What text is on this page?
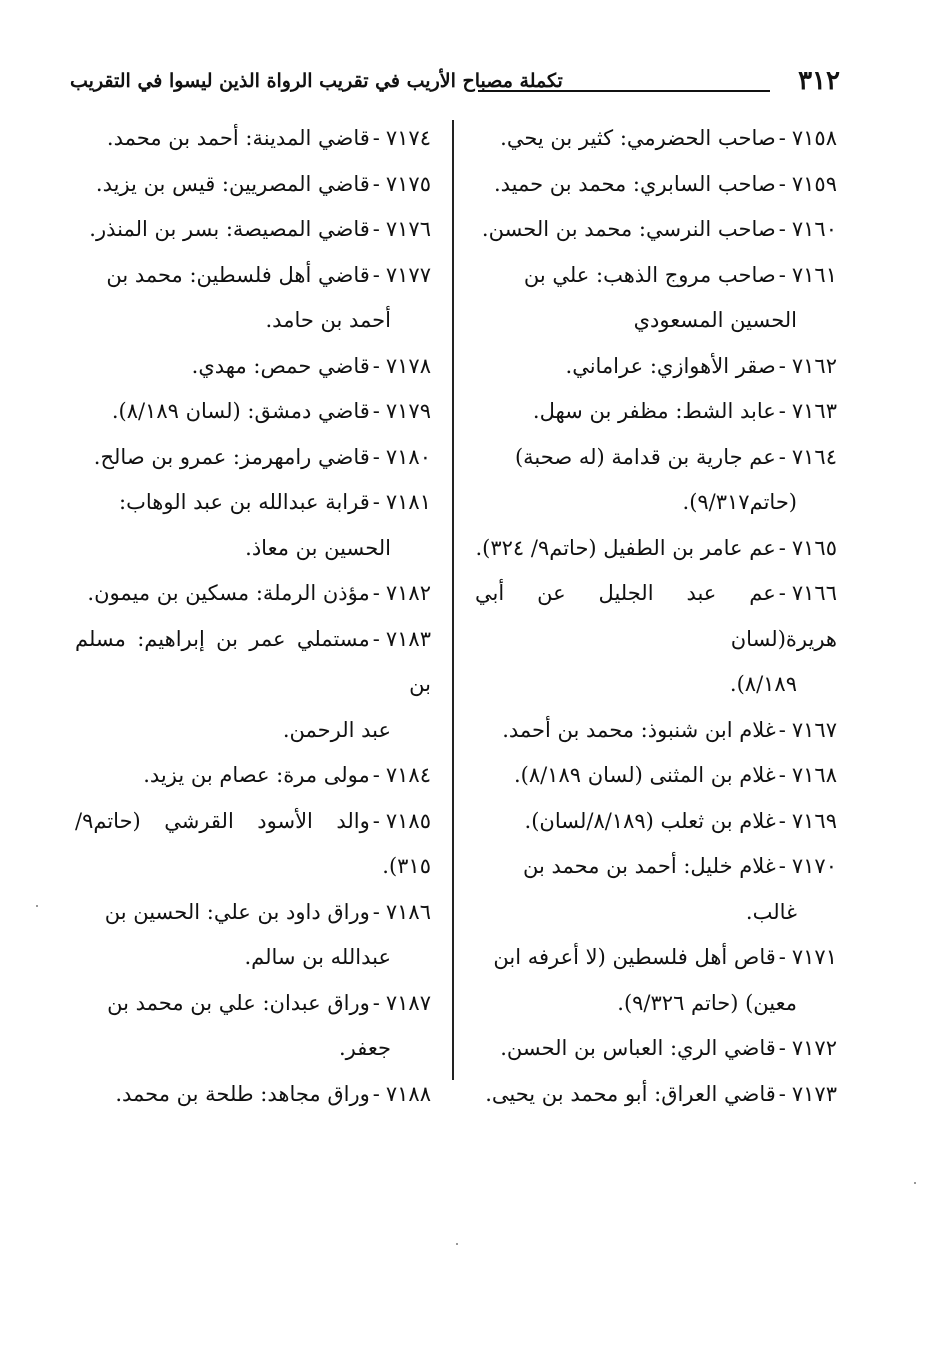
٣١٢
تكملة مصباح الأريب في تقريب الرواة الذين ليسوا في التقريب

٧١٥٨-صاحب الحضرمي: كثير بن يحي.

٧١٥٩-صاحب السابري: محمد بن حميد.

٧١٦٠-صاحب النرسي: محمد بن الحسن.

٧١٦١-صاحب مروج الذهب: علي بن
الحسين المسعودي

٧١٦٢-صقر الأهوازي: عراماني.

٧١٦٣-عابد الشط: مظفر بن سهل.

٧١٦٤-عم جارية بن قدامة (له صحبة)
(حاتم٩/٣١٧).

٧١٦٥-عم عامر بن الطفيل (حاتم٩/ ٣٢٤).

٧١٦٦-عم عبد الجليل عن أبي هريرة(لسان
٨/١٨٩).

٧١٦٧-غلام ابن شنبوذ: محمد بن أحمد.

٧١٦٨-غلام بن المثنى (لسان ٨/١٨٩).

٧١٦٩-غلام بن ثعلب (٨/١٨٩/لسان).

٧١٧٠-غلام خليل: أحمد بن محمد بن
غالب.

٧١٧١-قاص أهل فلسطين (لا أعرفه ابن
معين) (حاتم ٩/٣٢٦).

٧١٧٢-قاضي الري: العباس بن الحسن.

٧١٧٣-قاضي العراق: أبو محمد بن يحيى.

٧١٧٤-قاضي المدينة: أحمد بن محمد.

٧١٧٥-قاضي المصريين: قيس بن يزيد.

٧١٧٦-قاضي المصيصة: بسر بن المنذر.

٧١٧٧-قاضي أهل فلسطين: محمد بن
أحمد بن حامد.

٧١٧٨-قاضي حمص: مهدي.

٧١٧٩-قاضي دمشق: (لسان ٨/١٨٩).

٧١٨٠-قاضي رامهرمز: عمرو بن صالح.

٧١٨١-قرابة عبدالله بن عبد الوهاب:
الحسين بن معاذ.

٧١٨٢-مؤذن الرملة: مسكين بن ميمون.

٧١٨٣-مستملي عمر بن إبراهيم: مسلم بن
عبد الرحمن.

٧١٨٤-مولى مرة: عصام بن يزيد.

٧١٨٥-والد الأسود القرشي (حاتم٩/ ٣١٥).

٧١٨٦-وراق داود بن علي: الحسين بن
عبدالله بن سالم.

٧١٨٧-وراق عبدان: علي بن محمد بن
جعفر.

٧١٨٨-وراق مجاهد: طلحة بن محمد.
